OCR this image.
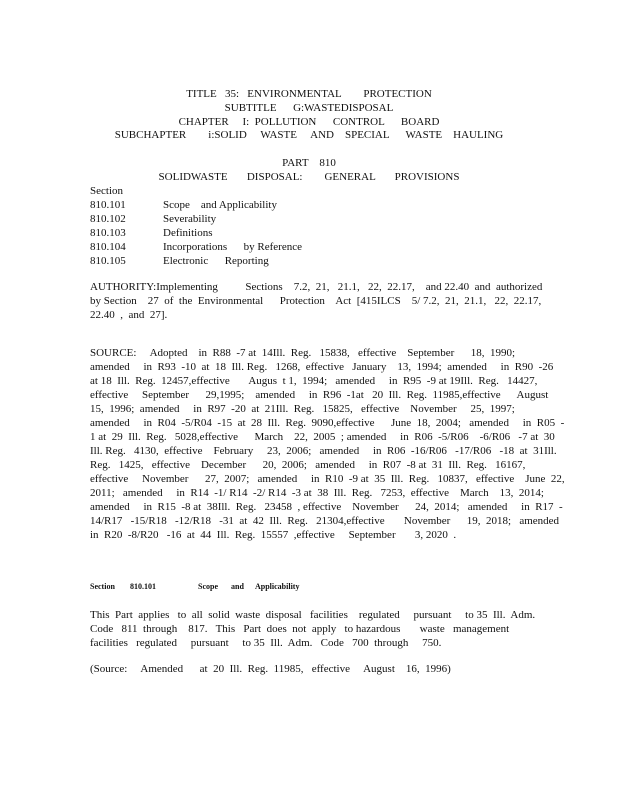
TITLE   35:   ENVIRONMENTAL        PROTECTION
SUBTITLE      G:WASTEDISPOSAL
CHAPTER     I:  POLLUTION      CONTROL      BOARD
SUBCHAPTER        i:SOLID     WASTE     AND    SPECIAL      WASTE    HAULING
PART    810
SOLIDWASTE       DISPOSAL:        GENERAL       PROVISIONS
Section
810.101	Scope    and Applicability
810.102	Severability
810.103	Definitions
810.104	Incorporations      by Reference
810.105	Electronic      Reporting
AUTHORITY:Implementing          Sections    7.2,  21,   21.1,   22,  22.17,    and 22.40  and  authorized
by Section    27  of  the  Environmental      Protection    Act  [415ILCS    5/ 7.2,  21,  21.1,   22,  22.17,
22.40  ,  and  27].
SOURCE:     Adopted    in  R88  -7 at  14Ill.  Reg.   15838,   effective    September      18,  1990;
amended     in  R93  -10  at  18  Ill. Reg.   1268,  effective   January    13,  1994;  amended     in  R90  -26
at 18  Ill.  Reg.  12457,effective       Augus  t 1,  1994;   amended     in  R95  -9 at 19Ill.  Reg.   14427,
effective     September      29,1995;    amended     in  R96  -1at   20  Ill.  Reg.  11985,effective      August
15,  1996;  amended     in  R97  -20  at  21Ill.  Reg.   15825,   effective    November     25,  1997;
amended     in  R04  -5/R04  -15  at  28  Ill.  Reg.  9090,effective      June  18,  2004;   amended     in  R05  -
1 at  29  Ill.  Reg.   5028,effective      March    22,  2005  ; amended     in  R06  -5/R06    -6/R06   -7 at  30
Ill. Reg.   4130,  effective    February     23,  2006;   amended     in  R06  -16/R06   -17/R06   -18  at  31Ill.
Reg.   1425,   effective    December      20,  2006;   amended     in  R07  -8 at  31  Ill.  Reg.   16167,
effective     November      27,  2007;   amended     in  R10  -9 at  35  Ill.  Reg.   10837,   effective    June  22,
2011;   amended     in  R14  -1/ R14  -2/ R14  -3 at  38  Ill.  Reg.   7253,  effective    March    13,  2014;
amended     in  R15  -8 at  38Ill.  Reg.   23458  , effective    November      24,  2014;   amended     in  R17  -
14/R17   -15/R18   -12/R18   -31  at  42  Ill.  Reg.   21304,effective       November      19,  2018;   amended
in  R20  -8/R20   -16  at  44  Ill.  Reg.  15557  ,effective     September       3, 2020  .
Section 810.101	Scope and Applicability
This  Part  applies   to  all  solid  waste  disposal   facilities    regulated     pursuant     to 35  Ill.  Adm.
Code   811  through    817.   This   Part  does  not  apply   to hazardous       waste   management
facilities   regulated     pursuant     to 35  Ill.  Adm.   Code   700  through     750.
(Source:     Amended      at  20  Ill.  Reg.  11985,   effective     August    16,  1996)
